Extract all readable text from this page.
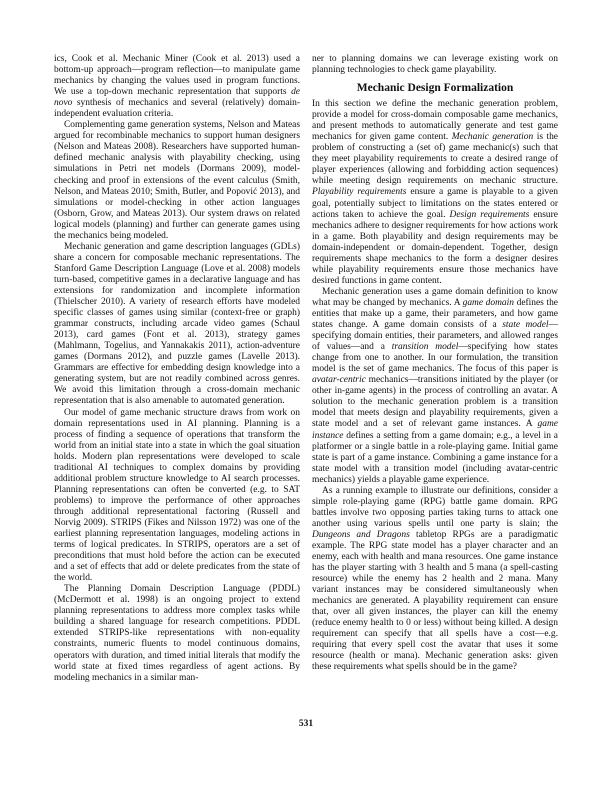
ics, Cook et al. Mechanic Miner (Cook et al. 2013) used a bottom-up approach—program reflection—to manipulate game mechanics by changing the values used in program functions. We use a top-down mechanic representation that supports de novo synthesis of mechanics and several (relatively) domain-independent evaluation criteria.

Complementing game generation systems, Nelson and Mateas argued for recombinable mechanics to support human designers (Nelson and Mateas 2008). Researchers have supported human-defined mechanic analysis with playability checking, using simulations in Petri net models (Dormans 2009), model-checking and proof in extensions of the event calculus (Smith, Nelson, and Mateas 2010; Smith, Butler, and Popović 2013), and simulations or model-checking in other action languages (Osborn, Grow, and Mateas 2013). Our system draws on related logical models (planning) and further can generate games using the mechanics being modeled.

Mechanic generation and game description languages (GDLs) share a concern for composable mechanic representations. The Stanford Game Description Language (Love et al. 2008) models turn-based, competitive games in a declarative language and has extensions for randomization and incomplete information (Thielscher 2010). A variety of research efforts have modeled specific classes of games using similar (context-free or graph) grammar constructs, including arcade video games (Schaul 2013), card games (Font et al. 2013), strategy games (Mahlmann, Togelius, and Yannakakis 2011), action-adventure games (Dormans 2012), and puzzle games (Lavelle 2013). Grammars are effective for embedding design knowledge into a generating system, but are not readily combined across genres. We avoid this limitation through a cross-domain mechanic representation that is also amenable to automated generation.

Our model of game mechanic structure draws from work on domain representations used in AI planning. Planning is a process of finding a sequence of operations that transform the world from an initial state into a state in which the goal situation holds. Modern plan representations were developed to scale traditional AI techniques to complex domains by providing additional problem structure knowledge to AI search processes. Planning representations can often be converted (e.g. to SAT problems) to improve the performance of other approaches through additional representational factoring (Russell and Norvig 2009). STRIPS (Fikes and Nilsson 1972) was one of the earliest planning representation languages, modeling actions in terms of logical predicates. In STRIPS, operators are a set of preconditions that must hold before the action can be executed and a set of effects that add or delete predicates from the state of the world.

The Planning Domain Description Language (PDDL) (McDermott et al. 1998) is an ongoing project to extend planning representations to address more complex tasks while building a shared language for research competitions. PDDL extended STRIPS-like representations with non-equality constraints, numeric fluents to model continuous domains, operators with duration, and timed initial literals that modify the world state at fixed times regardless of agent actions. By modeling mechanics in a similar man-

ner to planning domains we can leverage existing work on planning technologies to check game playability.

Mechanic Design Formalization

In this section we define the mechanic generation problem, provide a model for cross-domain composable game mechanics, and present methods to automatically generate and test game mechanics for given game content. Mechanic generation is the problem of constructing a (set of) game mechanic(s) such that they meet playability requirements to create a desired range of player experiences (allowing and forbidding action sequences) while meeting design requirements on mechanic structure. Playability requirements ensure a game is playable to a given goal, potentially subject to limitations on the states entered or actions taken to achieve the goal. Design requirements ensure mechanics adhere to designer requirements for how actions work in a game. Both playability and design requirements may be domain-independent or domain-dependent. Together, design requirements shape mechanics to the form a designer desires while playability requirements ensure those mechanics have desired functions in game content.

Mechanic generation uses a game domain definition to know what may be changed by mechanics. A game domain defines the entities that make up a game, their parameters, and how game states change. A game domain consists of a state model—specifying domain entities, their parameters, and allowed ranges of values—and a transition model—specifying how states change from one to another. In our formulation, the transition model is the set of game mechanics. The focus of this paper is avatar-centric mechanics—transitions initiated by the player (or other in-game agents) in the process of controlling an avatar. A solution to the mechanic generation problem is a transition model that meets design and playability requirements, given a state model and a set of relevant game instances. A game instance defines a setting from a game domain; e.g., a level in a platformer or a single battle in a role-playing game. Initial game state is part of a game instance. Combining a game instance for a state model with a transition model (including avatar-centric mechanics) yields a playable game experience.

As a running example to illustrate our definitions, consider a simple role-playing game (RPG) battle game domain. RPG battles involve two opposing parties taking turns to attack one another using various spells until one party is slain; the Dungeons and Dragons tabletop RPGs are a paradigmatic example. The RPG state model has a player character and an enemy, each with health and mana resources. One game instance has the player starting with 3 health and 5 mana (a spell-casting resource) while the enemy has 2 health and 2 mana. Many variant instances may be considered simultaneously when mechanics are generated. A playability requirement can ensure that, over all given instances, the player can kill the enemy (reduce enemy health to 0 or less) without being killed. A design requirement can specify that all spells have a cost—e.g. requiring that every spell cost the avatar that uses it some resource (health or mana). Mechanic generation asks: given these requirements what spells should be in the game?

531
